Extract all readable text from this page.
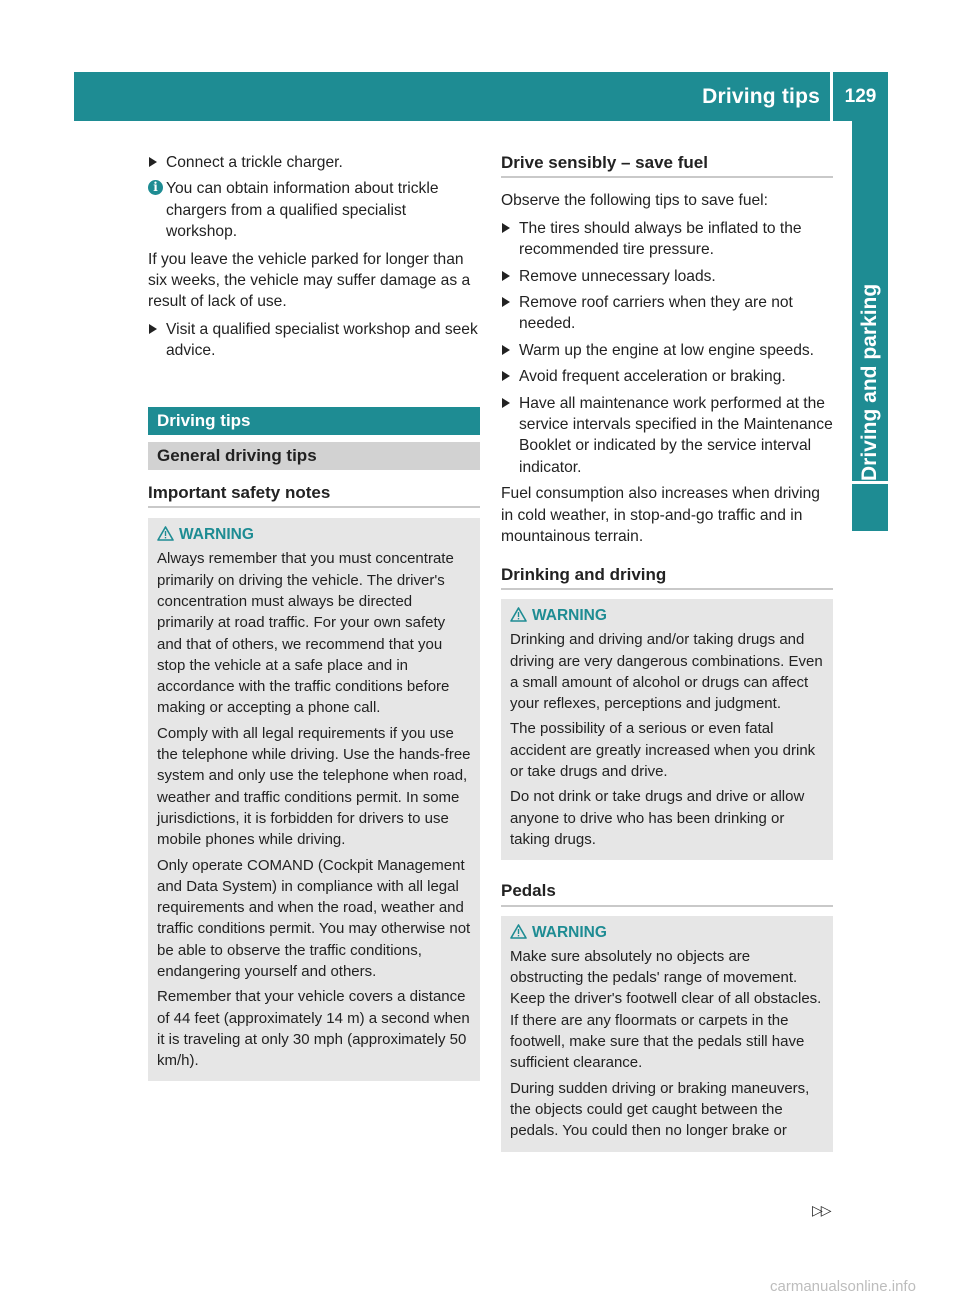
Driving tips	129
Driving and parking
Connect a trickle charger.
i You can obtain information about trickle chargers from a qualified specialist workshop.

If you leave the vehicle parked for longer than six weeks, the vehicle may suffer damage as a result of lack of use.

Visit a qualified specialist workshop and seek advice.
Driving tips
General driving tips
Important safety notes
WARNING

Always remember that you must concentrate primarily on driving the vehicle. The driver's concentration must always be directed primarily at road traffic. For your own safety and that of others, we recommend that you stop the vehicle at a safe place and in accordance with the traffic conditions before making or accepting a phone call.

Comply with all legal requirements if you use the telephone while driving. Use the hands-free system and only use the telephone when road, weather and traffic conditions permit. In some jurisdictions, it is forbidden for drivers to use mobile phones while driving.

Only operate COMAND (Cockpit Management and Data System) in compliance with all legal requirements and when the road, weather and traffic conditions permit. You may otherwise not be able to observe the traffic conditions, endangering yourself and others.

Remember that your vehicle covers a distance of 44 feet (approximately 14 m) a second when it is traveling at only 30 mph (approximately 50 km/h).

Drive sensibly – save fuel

Observe the following tips to save fuel:

The tires should always be inflated to the recommended tire pressure.
Remove unnecessary loads.
Remove roof carriers when they are not needed.
Warm up the engine at low engine speeds.
Avoid frequent acceleration or braking.
Have all maintenance work performed at the service intervals specified in the Maintenance Booklet or indicated by the service interval indicator.

Fuel consumption also increases when driving in cold weather, in stop-and-go traffic and in mountainous terrain.

Drinking and driving
WARNING

Drinking and driving and/or taking drugs and driving are very dangerous combinations. Even a small amount of alcohol or drugs can affect your reflexes, perceptions and judgment.

The possibility of a serious or even fatal accident are greatly increased when you drink or take drugs and drive.

Do not drink or take drugs and drive or allow anyone to drive who has been drinking or taking drugs.

Pedals
WARNING

Make sure absolutely no objects are obstructing the pedals' range of movement. Keep the driver's footwell clear of all obstacles. If there are any floormats or carpets in the footwell, make sure that the pedals still have sufficient clearance.

During sudden driving or braking maneuvers, the objects could get caught between the pedals. You could then no longer brake or

▷▷
carmanualsonline.info
